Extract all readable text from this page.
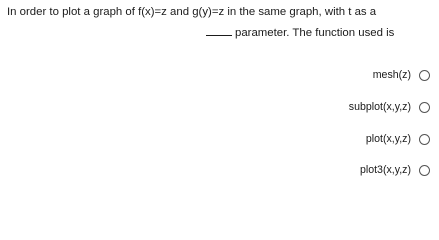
In order to plot a graph of f(x)=z and g(y)=z in the same graph, with t as a
parameter. The function used is
mesh(z)
subplot(x,y,z)
plot(x,y,z)
plot3(x,y,z)
